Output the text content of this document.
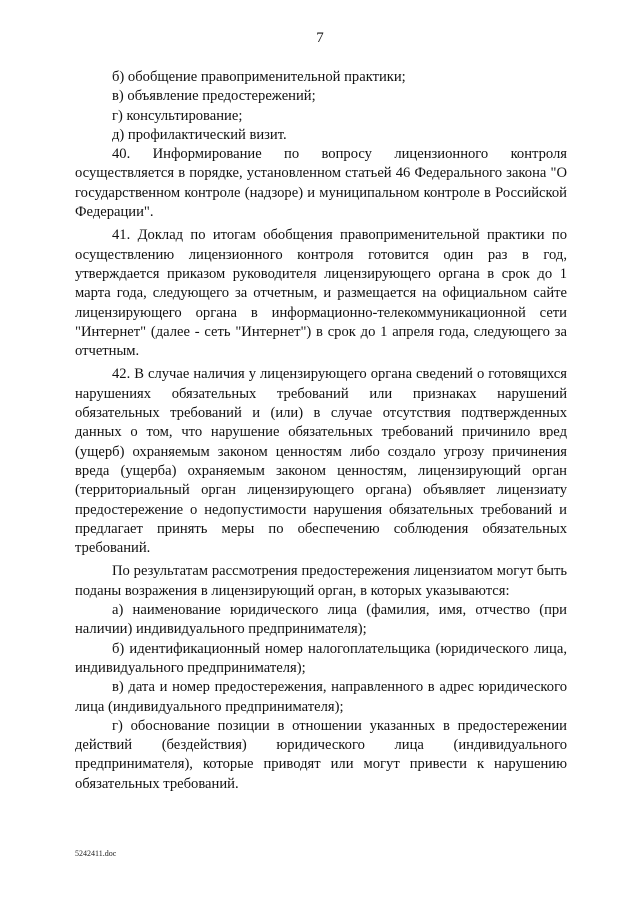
7

б) обобщение правоприменительной практики;

в) объявление предостережений;

г) консультирование;

д) профилактический визит.

40. Информирование по вопросу лицензионного контроля осуществляется в порядке, установленном статьей 46 Федерального закона "О государственном контроле (надзоре) и муниципальном контроле в Российской Федерации".

41. Доклад по итогам обобщения правоприменительной практики по осуществлению лицензионного контроля готовится один раз в год, утверждается приказом руководителя лицензирующего органа в срок до 1 марта года, следующего за отчетным, и размещается на официальном сайте лицензирующего органа в информационно-телекоммуникационной сети "Интернет" (далее - сеть "Интернет") в срок до 1 апреля года, следующего за отчетным.

42. В случае наличия у лицензирующего органа сведений о готовящихся нарушениях обязательных требований или признаках нарушений обязательных требований и (или) в случае отсутствия подтвержденных данных о том, что нарушение обязательных требований причинило вред (ущерб) охраняемым законом ценностям либо создало угрозу причинения вреда (ущерба) охраняемым законом ценностям, лицензирующий орган (территориальный орган лицензирующего органа) объявляет лицензиату предостережение о недопустимости нарушения обязательных требований и предлагает принять меры по обеспечению соблюдения обязательных требований.

По результатам рассмотрения предостережения лицензиатом могут быть поданы возражения в лицензирующий орган, в которых указываются:

а) наименование юридического лица (фамилия, имя, отчество (при наличии) индивидуального предпринимателя);

б) идентификационный номер налогоплательщика (юридического лица, индивидуального предпринимателя);

в) дата и номер предостережения, направленного в адрес юридического лица (индивидуального предпринимателя);

г) обоснование позиции в отношении указанных в предостережении действий (бездействия) юридического лица (индивидуального предпринимателя), которые приводят или могут привести к нарушению обязательных требований.

5242411.doc
